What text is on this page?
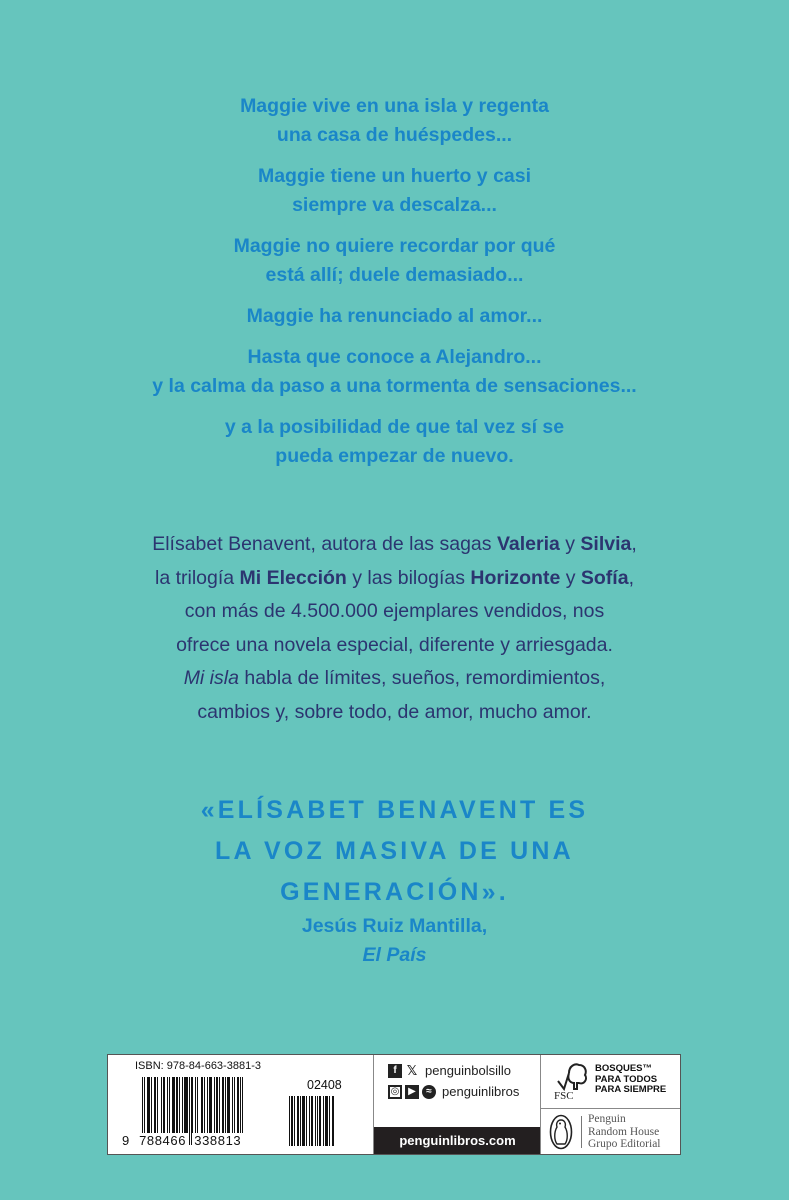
Maggie vive en una isla y regenta
una casa de huéspedes...

Maggie tiene un huerto y casi
siempre va descalza...

Maggie no quiere recordar por qué
está allí; duele demasiado...

Maggie ha renunciado al amor...

Hasta que conoce a Alejandro...
y la calma da paso a una tormenta de sensaciones...

y a la posibilidad de que tal vez sí se
pueda empezar de nuevo.

Elísabet Benavent, autora de las sagas Valeria y Silvia,
la trilogía Mi Elección y las bilogías Horizonte y Sofía,
con más de 4.500.000 ejemplares vendidos, nos
ofrece una novela especial, diferente y arriesgada.
Mi isla habla de límites, sueños, remordimientos,
cambios y, sobre todo, de amor, mucho amor.
«ELÍSABET BENAVENT ES
LA VOZ MASIVA DE UNA
GENERACIÓN».
Jesús Ruiz Mantilla,
El País
ISBN: 978-84-663-3881-3
02408
9 788466 338813
f 𝕏 penguinbolsillo
◎ ▶	≈ penguinlibros
penguinlibros.com
FSC
BOSQUES™
PARA TODOS
PARA SIEMPRE
Penguin
Random House
Grupo Editorial
